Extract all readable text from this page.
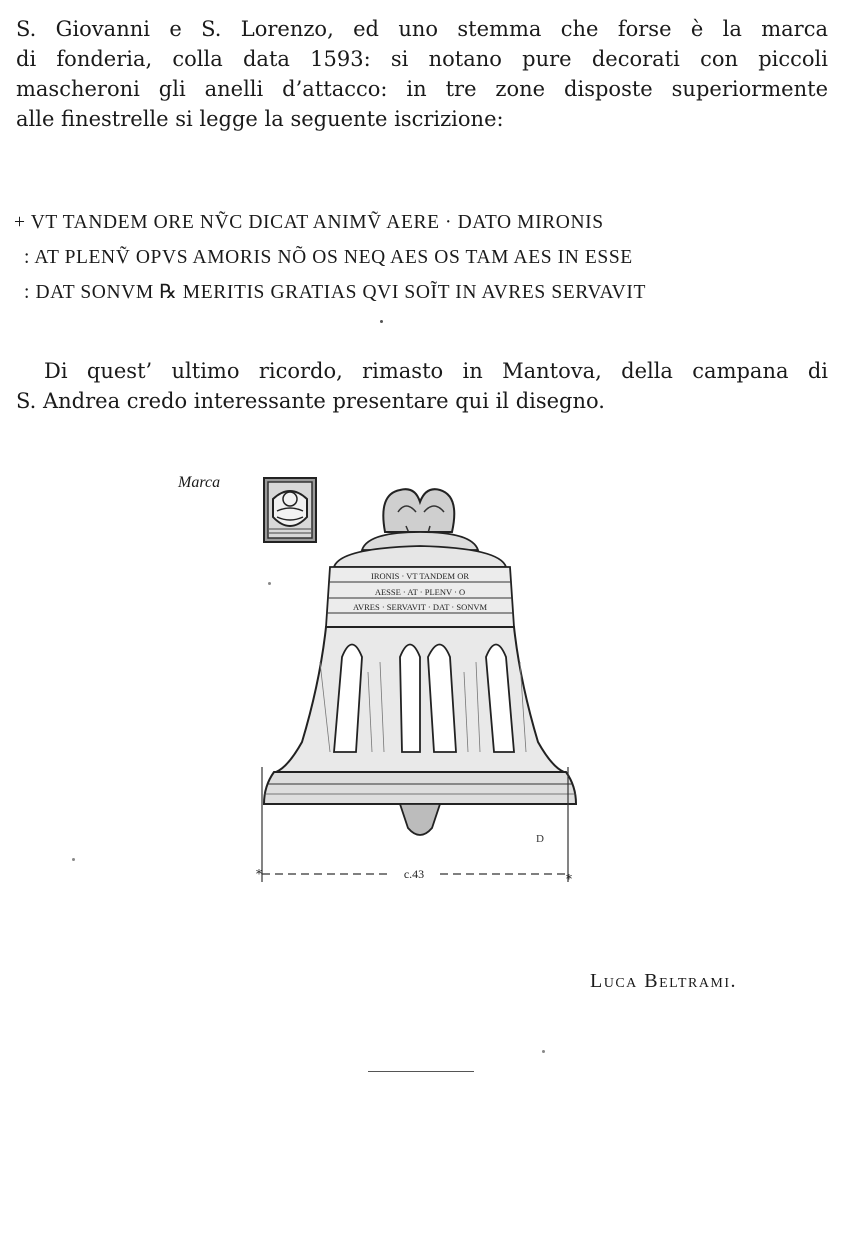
S. Giovanni e S. Lorenzo, ed uno stemma che forse è la marca
di fonderia, colla data 1593: si notano pure decorati con piccoli
mascheroni gli anelli d’attacco: in tre zone disposte superiormente
alle finestrelle si legge la seguente iscrizione:
+ VT TANDEM ORE NṼC DICAT ANIMṼ AERE · DATO MIRONIS
: AT PLENṼ OPVS AMORIS NÕ OS NEQ AES OS TAM AES IN ESSE
: DAT SONVM ℞ MERITIS GRATIAS QVI SOĨT IN AVRES SERVAVIT
Di quest’ ultimo ricordo, rimasto in Mantova, della campana di
S. Andrea credo interessante presentare qui il disegno.
Marca
IRONIS · VT TANDEM OR
AESSE · AT · PLENV · O
AVRES · SERVAVIT · DAT · SONVM
c.43
D
*	*
Luca Beltrami.
